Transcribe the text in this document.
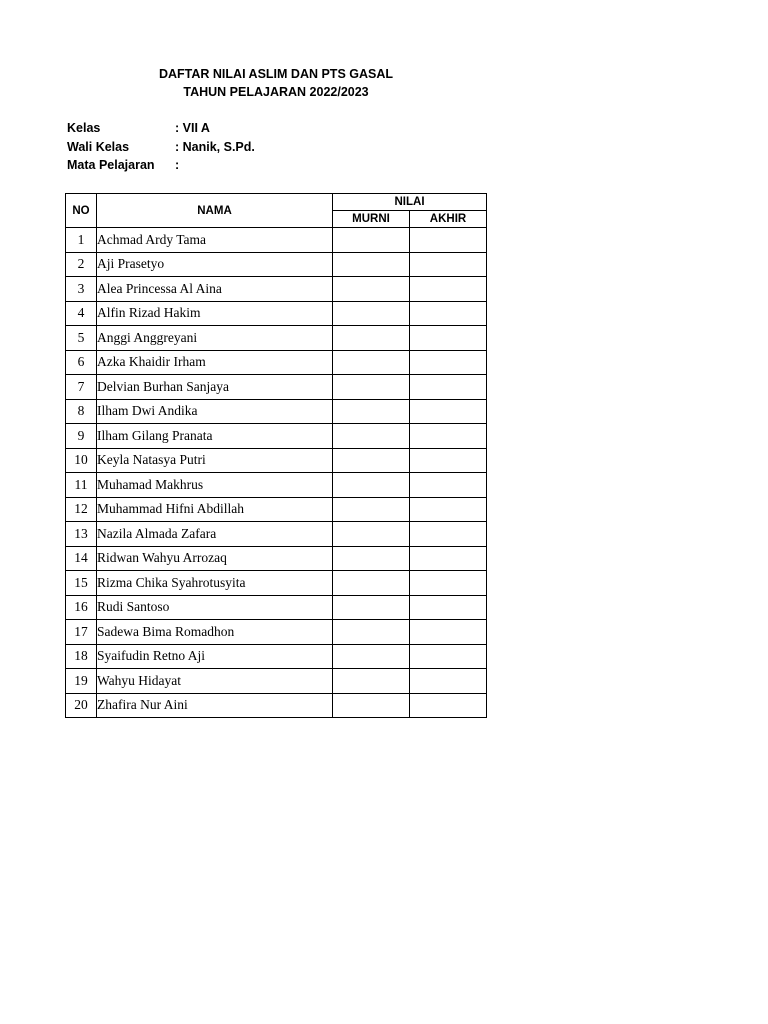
DAFTAR NILAI ASLIM DAN PTS GASAL
TAHUN PELAJARAN 2022/2023
Kelas	: VII A
Wali Kelas	: Nanik, S.Pd.
Mata Pelajaran	:
NO	NAMA	NILAI	
		MURNI	AKHIR
1	Achmad Ardy Tama		
2	Aji Prasetyo		
3	Alea Princessa Al Aina		
4	Alfin Rizad Hakim		
5	Anggi Anggreyani		
6	Azka Khaidir Irham		
7	Delvian Burhan Sanjaya		
8	Ilham Dwi Andika		
9	Ilham Gilang Pranata		
10	Keyla Natasya Putri		
11	Muhamad Makhrus		
12	Muhammad Hifni Abdillah		
13	Nazila Almada Zafara		
14	Ridwan Wahyu Arrozaq		
15	Rizma Chika Syahrotusyita		
16	Rudi Santoso		
17	Sadewa Bima Romadhon		
18	Syaifudin Retno Aji		
19	Wahyu Hidayat		
20	Zhafira Nur Aini		
